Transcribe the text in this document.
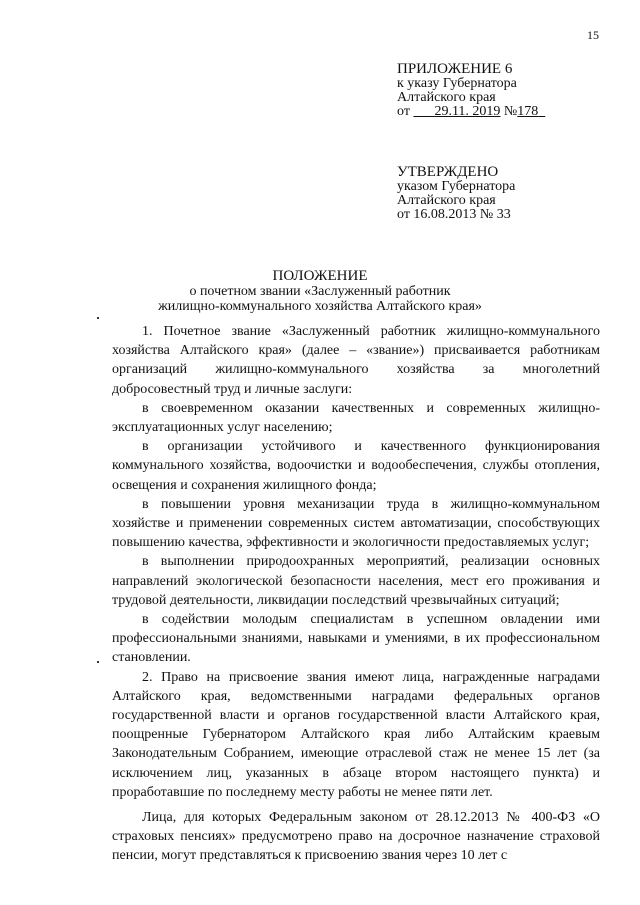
15
ПРИЛОЖЕНИЕ 6
к указу Губернатора
Алтайского края
от 29.11. 2019 №178
УТВЕРЖДЕНО
указом Губернатора
Алтайского края
от 16.08.2013 № 33
ПОЛОЖЕНИЕ
о почетном звании «Заслуженный работник
жилищно-коммунального хозяйства Алтайского края»

1. Почетное звание «Заслуженный работник жилищно-коммунального хозяйства Алтайского края» (далее – «звание») присваивается работникам организаций жилищно-коммунального хозяйства за многолетний добросовестный труд и личные заслуги:

в своевременном оказании качественных и современных жилищно-эксплуатационных услуг населению;

в организации устойчивого и качественного функционирования коммунального хозяйства, водоочистки и водообеспечения, службы отопления, освещения и сохранения жилищного фонда;

в повышении уровня механизации труда в жилищно-коммунальном хозяйстве и применении современных систем автоматизации, способствующих повышению качества, эффективности и экологичности предоставляемых услуг;

в выполнении природоохранных мероприятий, реализации основных направлений экологической безопасности населения, мест его проживания и трудовой деятельности, ликвидации последствий чрезвычайных ситуаций;

в содействии молодым специалистам в успешном овладении ими профессиональными знаниями, навыками и умениями, в их профессиональном становлении.

2. Право на присвоение звания имеют лица, награжденные наградами Алтайского края, ведомственными наградами федеральных органов государственной власти и органов государственной власти Алтайского края, поощренные Губернатором Алтайского края либо Алтайским краевым Законодательным Собранием, имеющие отраслевой стаж не менее 15 лет (за исключением лиц, указанных в абзаце втором настоящего пункта) и проработавшие по последнему месту работы не менее пяти лет.

Лица, для которых Федеральным законом от 28.12.2013 № 400-ФЗ «О страховых пенсиях» предусмотрено право на досрочное назначение страховой пенсии, могут представляться к присвоению звания через 10 лет с
